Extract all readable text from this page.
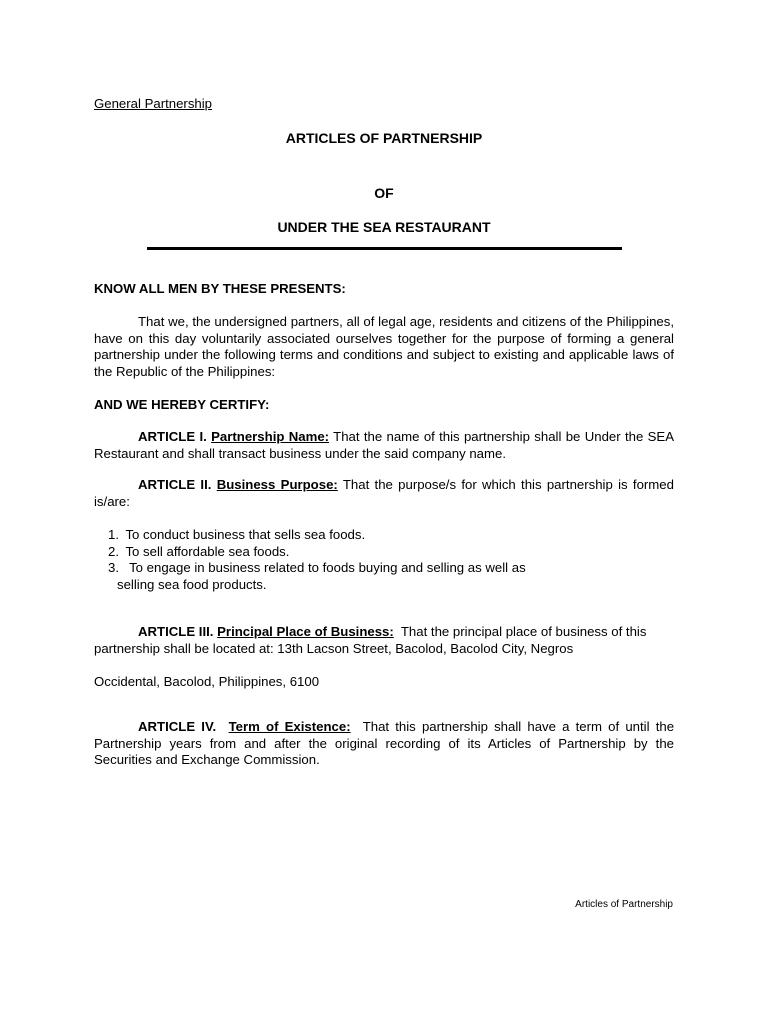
General Partnership
ARTICLES OF PARTNERSHIP
OF
UNDER THE SEA RESTAURANT
KNOW ALL MEN BY THESE PRESENTS:

That we, the undersigned partners, all of legal age, residents and citizens of the Philippines, have on this day voluntarily associated ourselves together for the purpose of forming a general partnership under the following terms and conditions and subject to existing and applicable laws of the Republic of the Philippines:

AND WE HEREBY CERTIFY:

ARTICLE I. Partnership Name: That the name of this partnership shall be Under the SEA Restaurant and shall transact business under the said company name.

ARTICLE II. Business Purpose: That the purpose/s for which this partnership is formed is/are:

1. To conduct business that sells sea foods.
2. To sell affordable sea foods.
3. To engage in business related to foods buying and selling as well as
selling sea food products.

ARTICLE III. Principal Place of Business: That the principal place of business of this partnership shall be located at: 13th Lacson Street, Bacolod, Bacolod City, Negros

Occidental, Bacolod, Philippines, 6100

ARTICLE IV. Term of Existence: That this partnership shall have a term of until the Partnership years from and after the original recording of its Articles of Partnership by the Securities and Exchange Commission.

Articles of Partnership
